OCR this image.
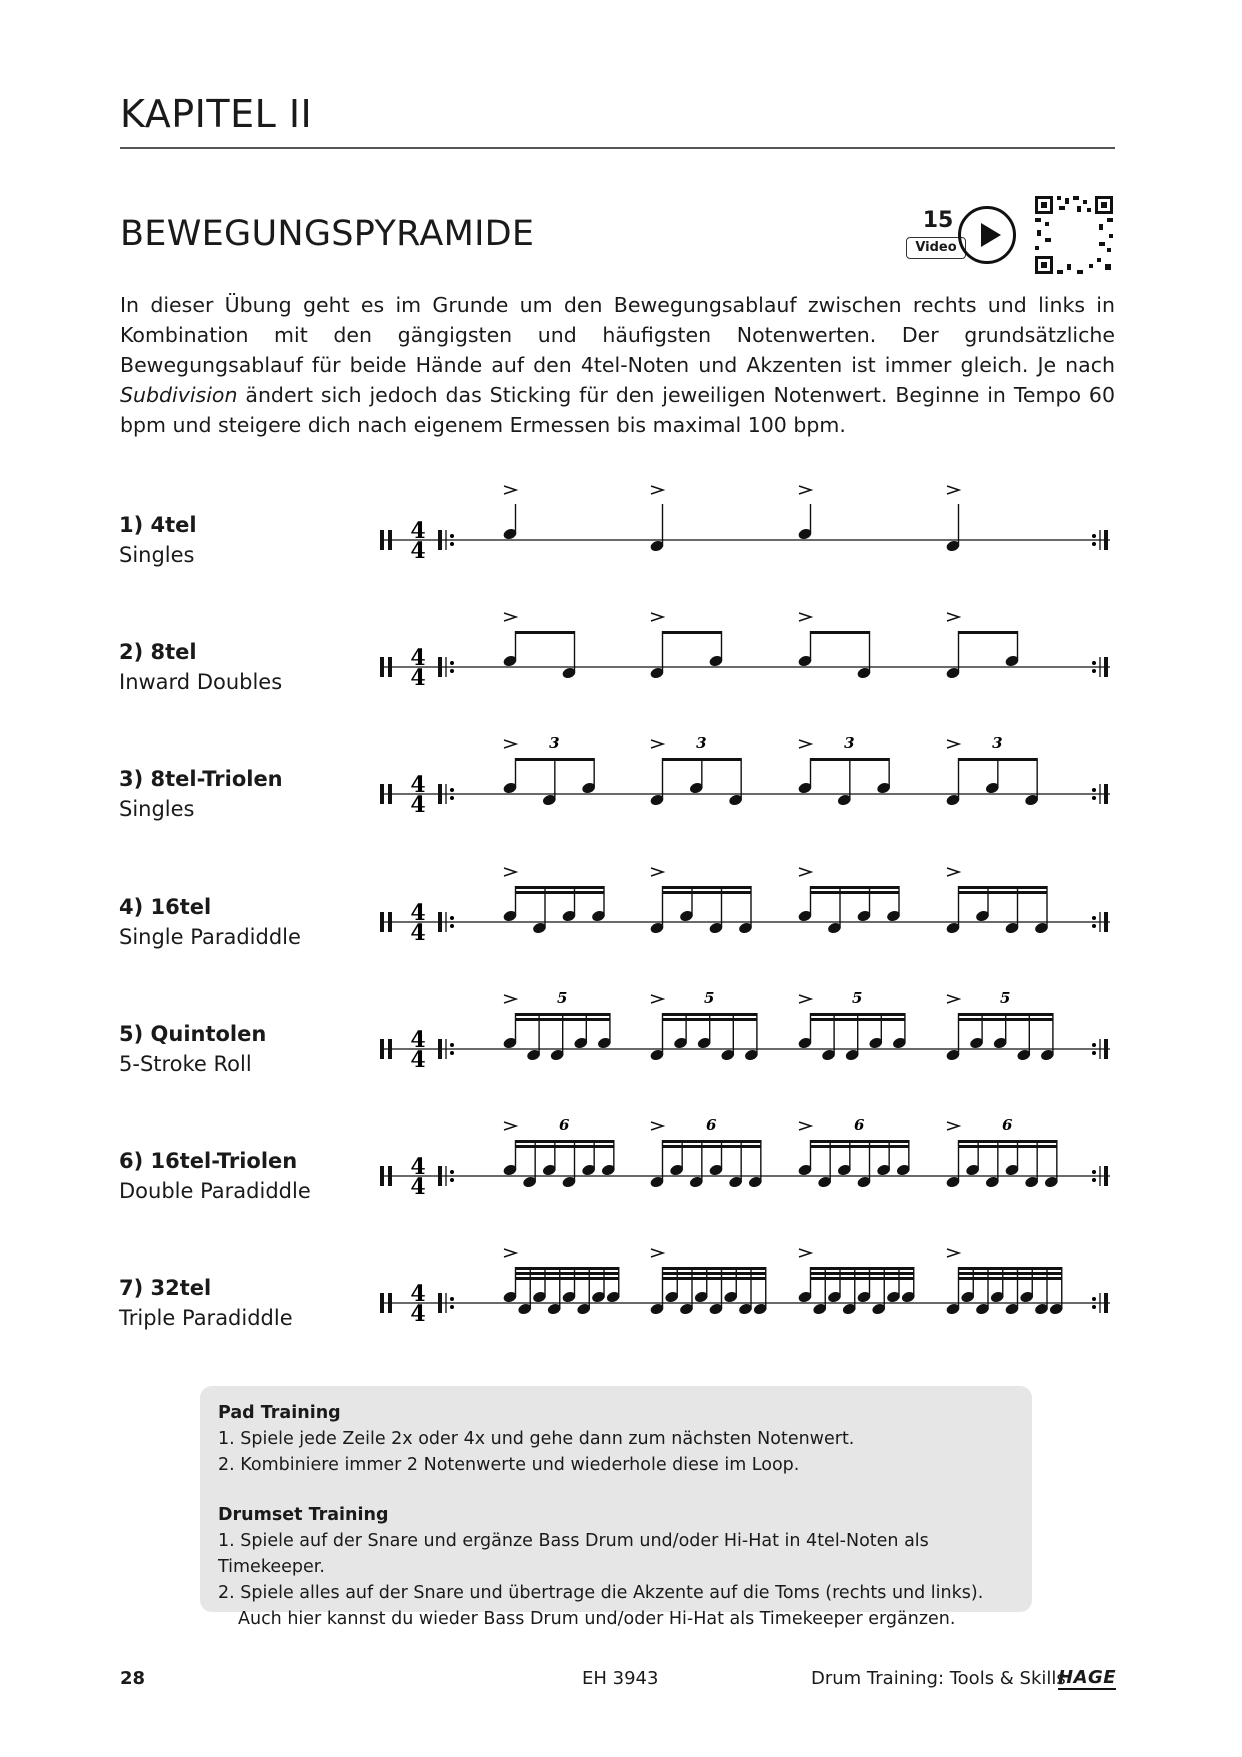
KAPITEL II
BEWEGUNGSPYRAMIDE	15
Video
In dieser Übung geht es im Grunde um den Bewegungsablauf zwischen rechts und links in Kombination mit den gängigsten und häufigsten Notenwerten. Der grundsätzliche Bewegungsablauf für beide Hände auf den 4tel-Noten und Akzenten ist immer gleich. Je nach Subdivision ändert sich jedoch das Sticking für den jeweiligen Notenwert. Beginne in Tempo 60 bpm und steigere dich nach eigenem Ermessen bis maximal 100 bpm.
1) 4tel
Singles
2) 8tel
Inward Doubles
3) 8tel-Triolen
Singles
4) 16tel
Single Paradiddle
5) Quintolen
5-Stroke Roll
6) 16tel-Triolen
Double Paradiddle
7) 32tel
Triple Paradiddle
4
4
4
4
4
4
3	3	3	3
4
4
4
4
5	5	5	5
4
4
6	6	6	6
4
4

Pad Training

1. Spiele jede Zeile 2x oder 4x und gehe dann zum nächsten Notenwert.

2. Kombiniere immer 2 Notenwerte und wiederhole diese im Loop.

Drumset Training

1. Spiele auf der Snare und ergänze Bass Drum und/oder Hi-Hat in 4tel-Noten als Timekeeper.

2. Spiele alles auf der Snare und übertrage die Akzente auf die Toms (rechts und links).

Auch hier kannst du wieder Bass Drum und/oder Hi-Hat als Timekeeper ergänzen.

28	EH 3943	Drum Training: Tools & Skills
HAGE
